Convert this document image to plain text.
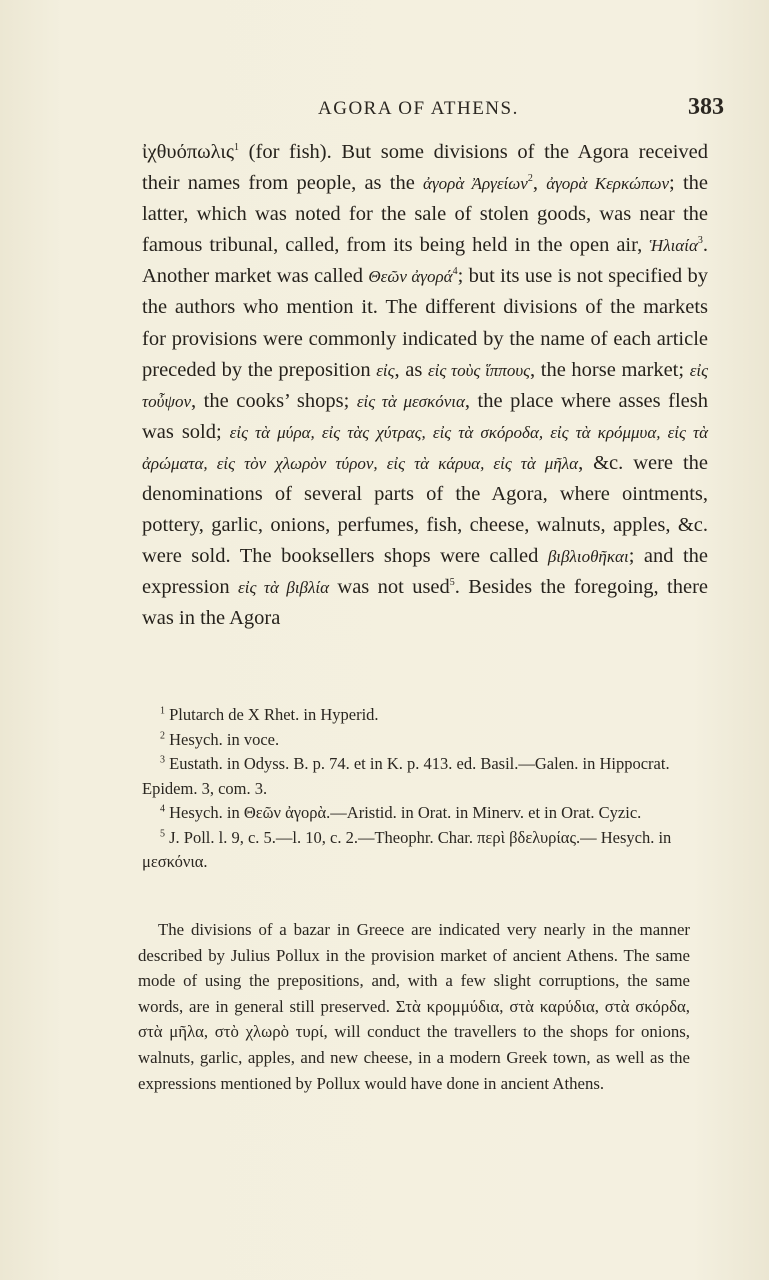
AGORA OF ATHENS.	383

ἰχθυόπωλις$^1$ (for fish). But some divisions of the Agora received their names from people, as the ἀγορὰ Ἀργείων$^2$, ἀγορὰ Κερκώπων; the latter, which was noted for the sale of stolen goods, was near the famous tribunal, called, from its being held in the open air, Ἡλιαία$^3$. Another market was called Θεῶν ἀγορά$^4$; but its use is not specified by the authors who mention it. The different divisions of the markets for provisions were commonly indicated by the name of each article preceded by the preposition εἰς, as εἰς τοὺς ἵππους, the horse market; εἰς τοὖψον, the cooks’ shops; εἰς τὰ μεσκόνια, the place where asses flesh was sold; εἰς τὰ μύρα, εἰς τὰς χύτρας, εἰς τὰ σκόροδα, εἰς τὰ κρόμμυα, εἰς τὰ ἀρώματα, εἰς τὸν χλωρὸν τύρον, εἰς τὰ κάρυα, εἰς τὰ μῆλα, &c. were the denominations of several parts of the Agora, where ointments, pottery, garlic, onions, perfumes, fish, cheese, walnuts, apples, &c. were sold. The booksellers shops were called βιβλιοθῆκαι; and the expression εἰς τὰ βιβλία was not used$^5$. Besides the foregoing, there was in the Agora

$^1$ Plutarch de X Rhet. in Hyperid.

$^2$ Hesych. in voce.

$^3$ Eustath. in Odyss. B. p. 74. et in K. p. 413. ed. Basil.—Galen. in Hippocrat. Epidem. 3, com. 3.

$^4$ Hesych. in Θεῶν ἀγορὰ.—Aristid. in Orat. in Minerv. et in Orat. Cyzic.

$^5$ J. Poll. l. 9, c. 5.—l. 10, c. 2.—Theophr. Char. περὶ βδελυρίας.— Hesych. in μεσκόνια.

The divisions of a bazar in Greece are indicated very nearly in the manner described by Julius Pollux in the provision market of ancient Athens. The same mode of using the prepositions, and, with a few slight corruptions, the same words, are in general still preserved. Στὰ κρομμύδια, στὰ καρύδια, στὰ σκόρδα, στὰ μῆλα, στὸ χλωρὸ τυρί, will conduct the travellers to the shops for onions, walnuts, garlic, apples, and new cheese, in a modern Greek town, as well as the expressions mentioned by Pollux would have done in ancient Athens.
